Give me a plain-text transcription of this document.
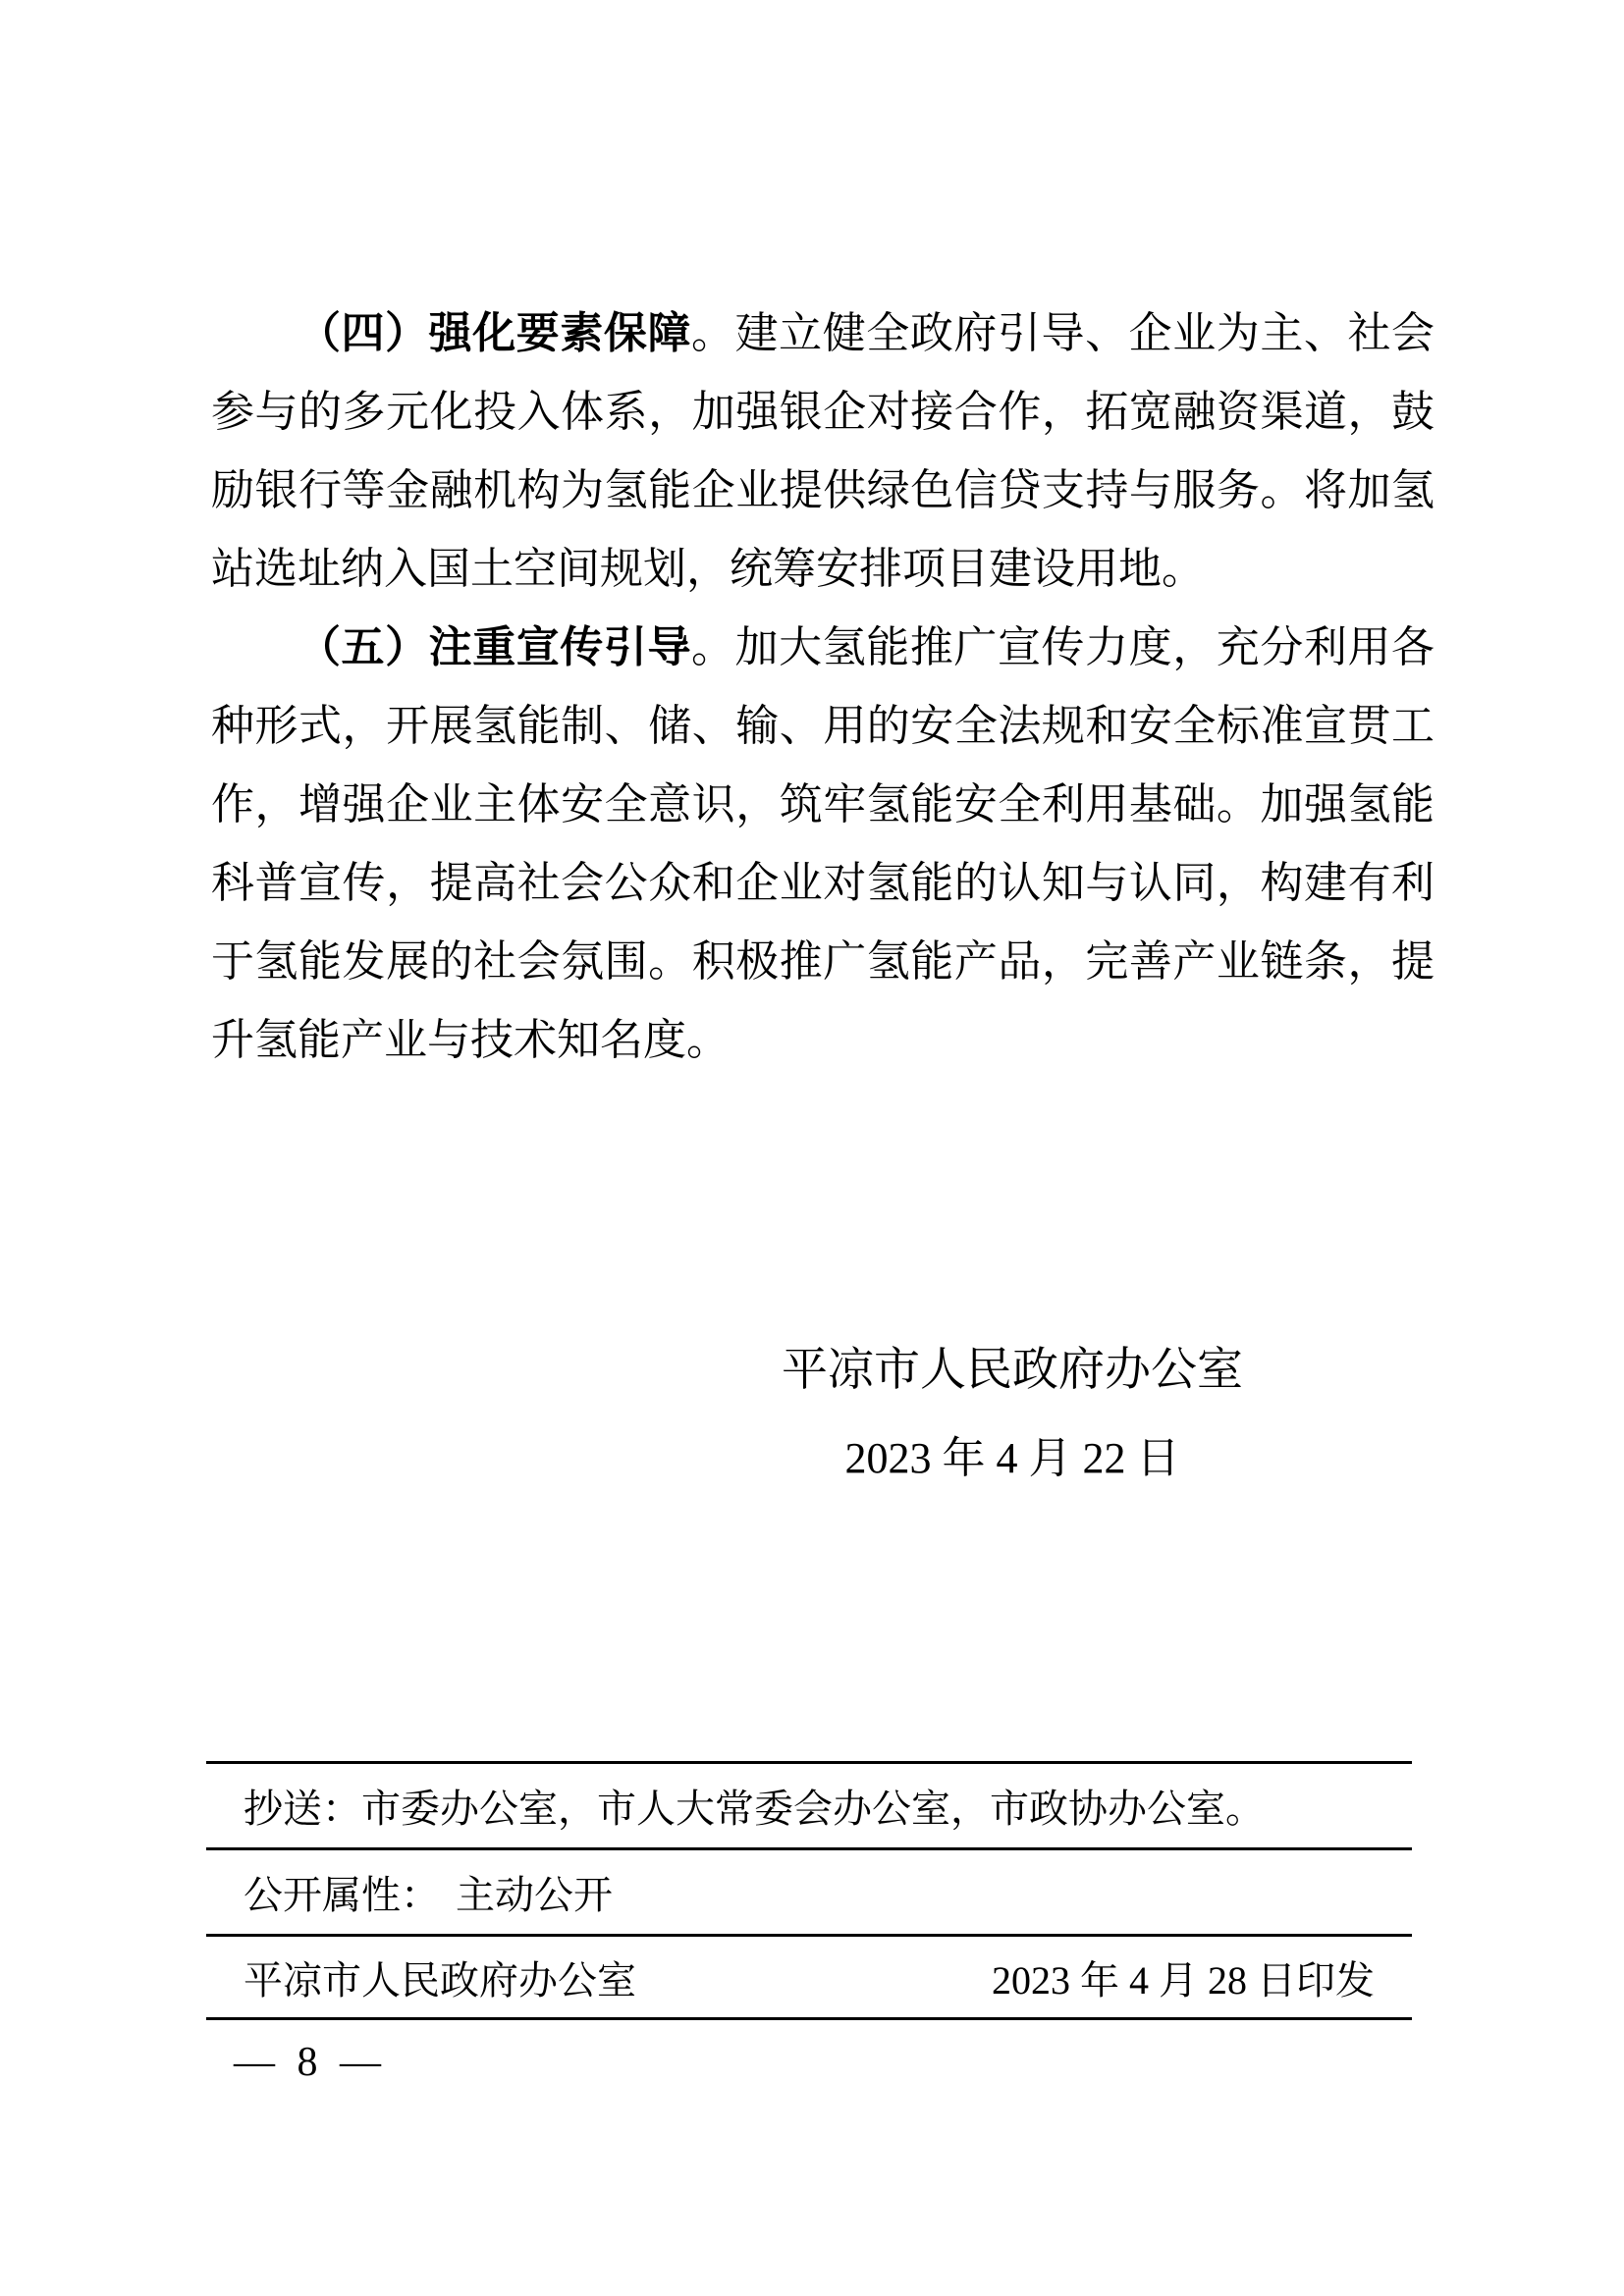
（四）强化要素保障。建立健全政府引导、企业为主、社会参与的多元化投入体系，加强银企对接合作，拓宽融资渠道，鼓励银行等金融机构为氢能企业提供绿色信贷支持与服务。将加氢站选址纳入国土空间规划，统筹安排项目建设用地。

（五）注重宣传引导。加大氢能推广宣传力度，充分利用各种形式，开展氢能制、储、输、用的安全法规和安全标准宣贯工作，增强企业主体安全意识，筑牢氢能安全利用基础。加强氢能科普宣传，提高社会公众和企业对氢能的认知与认同，构建有利于氢能发展的社会氛围。积极推广氢能产品，完善产业链条，提升氢能产业与技术知名度。

平凉市人民政府办公室
2023 年 4 月 22 日
抄送：市委办公室，市人大常委会办公室，市政协办公室。
公开属性： 主动公开
平凉市人民政府办公室	2023 年 4 月 28 日印发
— 8 —
